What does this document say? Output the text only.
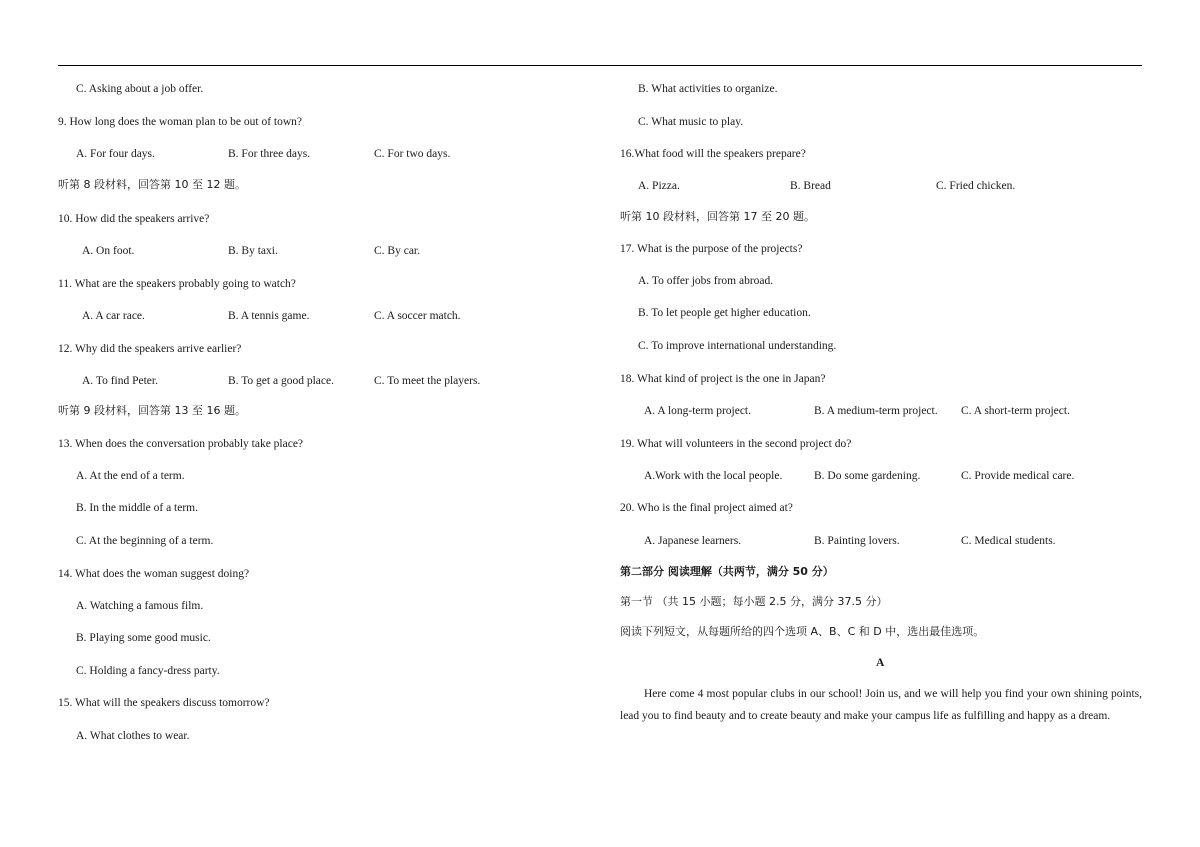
C. Asking about a job offer.
9. How long does the woman plan to be out of town?
A. For four days.	B. For three days.	C. For two days.
听第 8 段材料，回答第 10 至 12 题。
10. How did the speakers arrive?
A. On foot.	B. By taxi.	C. By car.
11. What are the speakers probably going to watch?
A. A car race.	B. A tennis game.	C. A soccer match.
12. Why did the speakers arrive earlier?
A. To find Peter.	B. To get a good place.	C. To meet the players.
听第 9 段材料，回答第 13 至 16 题。
13. When does the conversation probably take place?
A. At the end of a term.
B. In the middle of a term.
C. At the beginning of a term.
14. What does the woman suggest doing?
A. Watching a famous film.
B. Playing some good music.
C. Holding a fancy-dress party.
15. What will the speakers discuss tomorrow?
A. What clothes to wear.
B. What activities to organize.
C. What music to play.
16.What food will the speakers prepare?
A. Pizza.	B. Bread	C. Fried chicken.
听第 10 段材料，回答第 17 至 20 题。
17. What is the purpose of the projects?
A. To offer jobs from abroad.
B. To let people get higher education.
C. To improve international understanding.
18. What kind of project is the one in Japan?
A. A long-term project.	B. A medium-term project. C. A short-term project.
19. What will volunteers in the second project do?
A.Work with the local people.	B. Do some gardening.	C. Provide medical care.
20. Who is the final project aimed at?
A. Japanese learners.	B. Painting lovers.	C. Medical students.
第二部分 阅读理解（共两节，满分 50 分）
第一节 （共 15 小题；每小题 2.5 分，满分 37.5 分）
阅读下列短文，从每题所给的四个选项 A、B、C 和 D 中，选出最佳选项。
A
Here come 4 most popular clubs in our school! Join us, and we will help you find your own shining points, lead you to find beauty and to create beauty and make your campus life as fulfilling and happy as a dream.
